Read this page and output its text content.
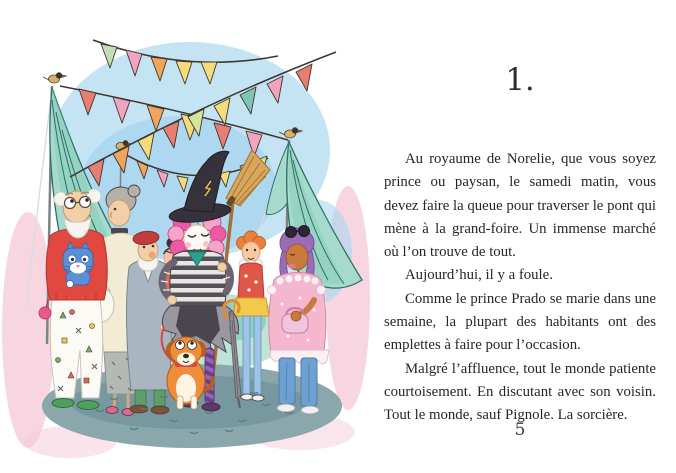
1.

Au royaume de Norelie, que vous soyez prince ou paysan, le samedi matin, vous devez faire la queue pour traverser le pont qui mène à la grand-foire. Un immense marché où l’on trouve de tout.

Aujourd’hui, il y a foule.

Comme le prince Prado se marie dans une semaine, la plupart des habitants ont des emplettes à faire pour l’occasion.

Malgré l’affluence, tout le monde patiente courtoisement. En discutant avec son voisin. Tout le monde, sauf Pignole. La sorcière.

5
